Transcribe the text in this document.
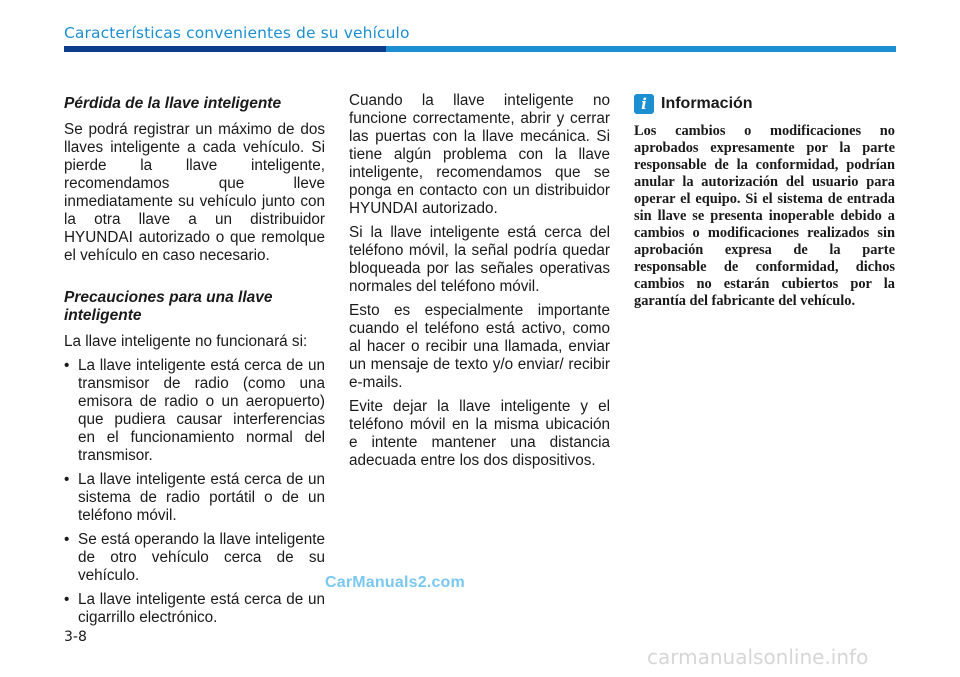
Características convenientes de su vehículo
Pérdida de la llave inteligente

Se podrá registrar un máximo de dos llaves inteligente a cada vehículo. Si pierde la llave inteligente, recomendamos que lleve inmediatamente su vehículo junto con la otra llave a un distribuidor HYUNDAI autorizado o que remolque el vehículo en caso necesario.

Precauciones para una llave inteligente

La llave inteligente no funcionará si:

• La llave inteligente está cerca de un transmisor de radio (como una emisora de radio o un aeropuerto) que pudiera causar interferencias en el funcionamiento normal del transmisor.
• La llave inteligente está cerca de un sistema de radio portátil o de un teléfono móvil.
• Se está operando la llave inteligente de otro vehículo cerca de su vehículo.
• La llave inteligente está cerca de un cigarrillo electrónico.

Cuando la llave inteligente no funcione correctamente, abrir y cerrar las puertas con la llave mecánica. Si tiene algún problema con la llave inteligente, recomendamos que se ponga en contacto con un distribuidor HYUNDAI autorizado.

Si la llave inteligente está cerca del teléfono móvil, la señal podría quedar bloqueada por las señales operativas normales del teléfono móvil.

Esto es especialmente importante cuando el teléfono está activo, como al hacer o recibir una llamada, enviar un mensaje de texto y/o enviar/ recibir e-mails.

Evite dejar la llave inteligente y el teléfono móvil en la misma ubicación e intente mantener una distancia adecuada entre los dos dispositivos.

i Información

Los cambios o modificaciones no aprobados expresamente por la parte responsable de la conformidad, podrían anular la autorización del usuario para operar el equipo. Si el sistema de entrada sin llave se presenta inoperable debido a cambios o modificaciones realizados sin aprobación expresa de la parte responsable de conformidad, dichos cambios no estarán cubiertos por la garantía del fabricante del vehículo.

CarManuals2.com
3-8
carmanualsonline.info
